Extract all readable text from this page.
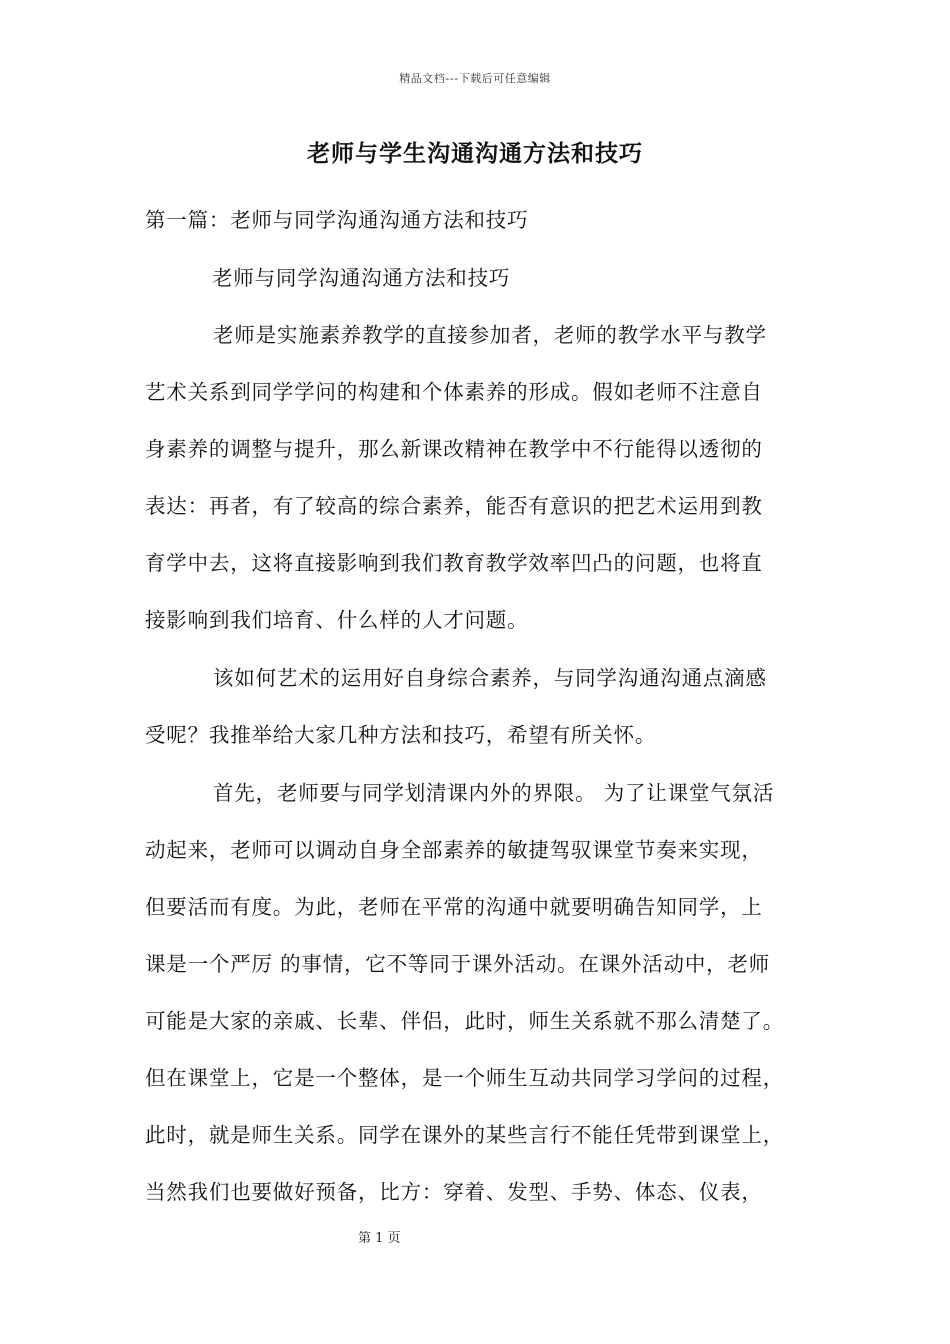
精品文档---下载后可任意编辑
老师与学生沟通沟通方法和技巧
第一篇：老师与同学沟通沟通方法和技巧
老师与同学沟通沟通方法和技巧
老师是实施素养教学的直接参加者，老师的教学水平与教学
艺术关系到同学学问的构建和个体素养的形成。假如老师不注意自
身素养的调整与提升，那么新课改精神在教学中不行能得以透彻的
表达：再者，有了较高的综合素养，能否有意识的把艺术运用到教
育学中去，这将直接影响到我们教育教学效率凹凸的问题，也将直
接影响到我们培育、什么样的人才问题。
该如何艺术的运用好自身综合素养，与同学沟通沟通点滴感
受呢？我推举给大家几种方法和技巧，希望有所关怀。
首先，老师要与同学划清课内外的界限。 为了让课堂气氛活
动起来，老师可以调动自身全部素养的敏捷驾驭课堂节奏来实现，
但要活而有度。为此，老师在平常的沟通中就要明确告知同学，上
课是一个严厉 的事情，它不等同于课外活动。在课外活动中，老师
可能是大家的亲戚、长辈、伴侣，此时，师生关系就不那么清楚了。
但在课堂上，它是一个整体，是一个师生互动共同学习学问的过程，
此时，就是师生关系。同学在课外的某些言行不能任凭带到课堂上，
当然我们也要做好预备，比方：穿着、发型、手势、体态、仪表，
第 1 页
